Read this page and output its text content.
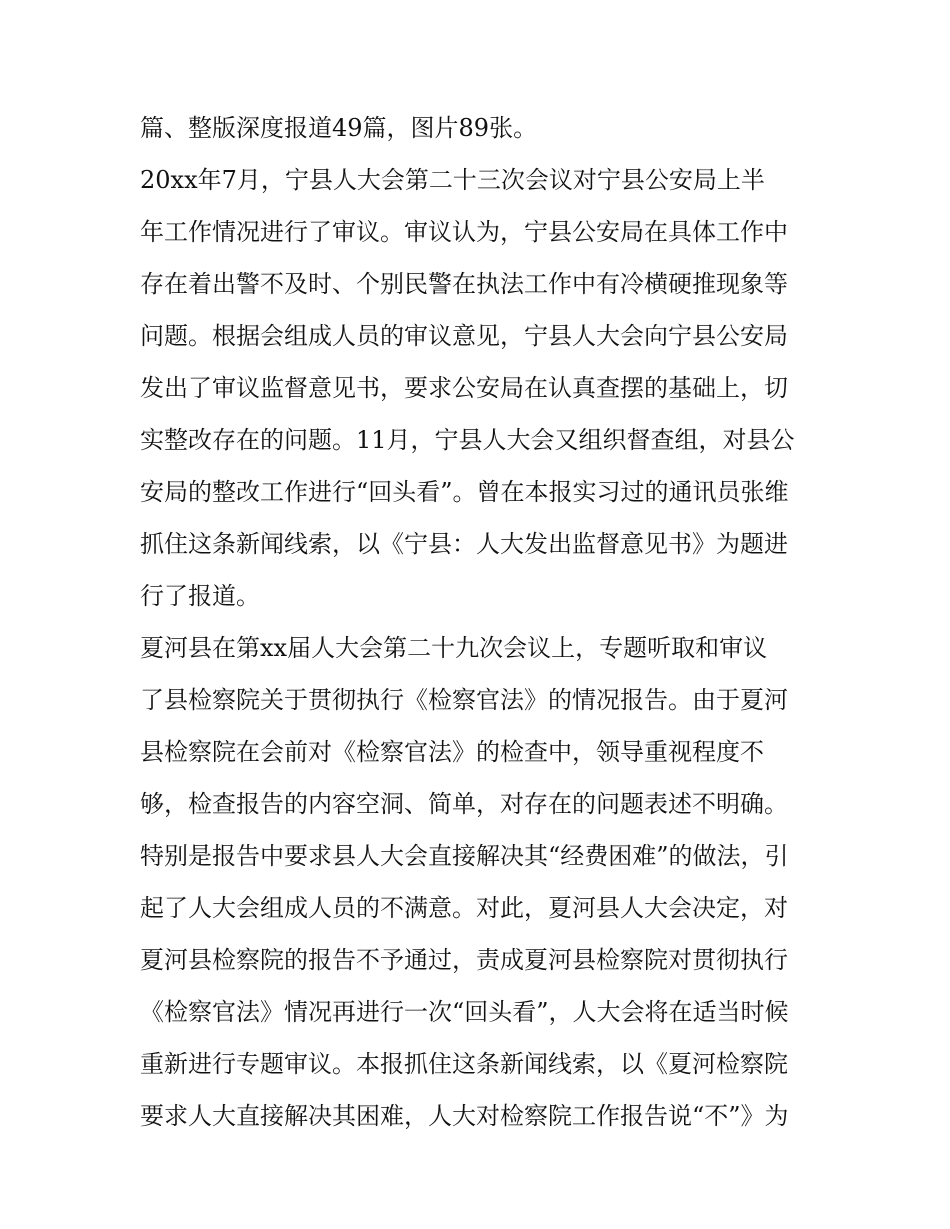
篇、整版深度报道49篇，图片89张。
20xx年7月，宁县人大会第二十三次会议对宁县公安局上半
年工作情况进行了审议。审议认为，宁县公安局在具体工作中
存在着出警不及时、个别民警在执法工作中有冷横硬推现象等
问题。根据会组成人员的审议意见，宁县人大会向宁县公安局
发出了审议监督意见书，要求公安局在认真查摆的基础上，切
实整改存在的问题。11月，宁县人大会又组织督查组，对县公
安局的整改工作进行“回头看”。曾在本报实习过的通讯员张维
抓住这条新闻线索，以《宁县：人大发出监督意见书》为题进
行了报道。
夏河县在第xx届人大会第二十九次会议上，专题听取和审议
了县检察院关于贯彻执行《检察官法》的情况报告。由于夏河
县检察院在会前对《检察官法》的检查中，领导重视程度不
够，检查报告的内容空洞、简单，对存在的问题表述不明确。
特别是报告中要求县人大会直接解决其“经费困难”的做法，引
起了人大会组成人员的不满意。对此，夏河县人大会决定，对
夏河县检察院的报告不予通过，责成夏河县检察院对贯彻执行
《检察官法》情况再进行一次“回头看”，人大会将在适当时候
重新进行专题审议。本报抓住这条新闻线索，以《夏河检察院
要求人大直接解决其困难，人大对检察院工作报告说“不”》为
